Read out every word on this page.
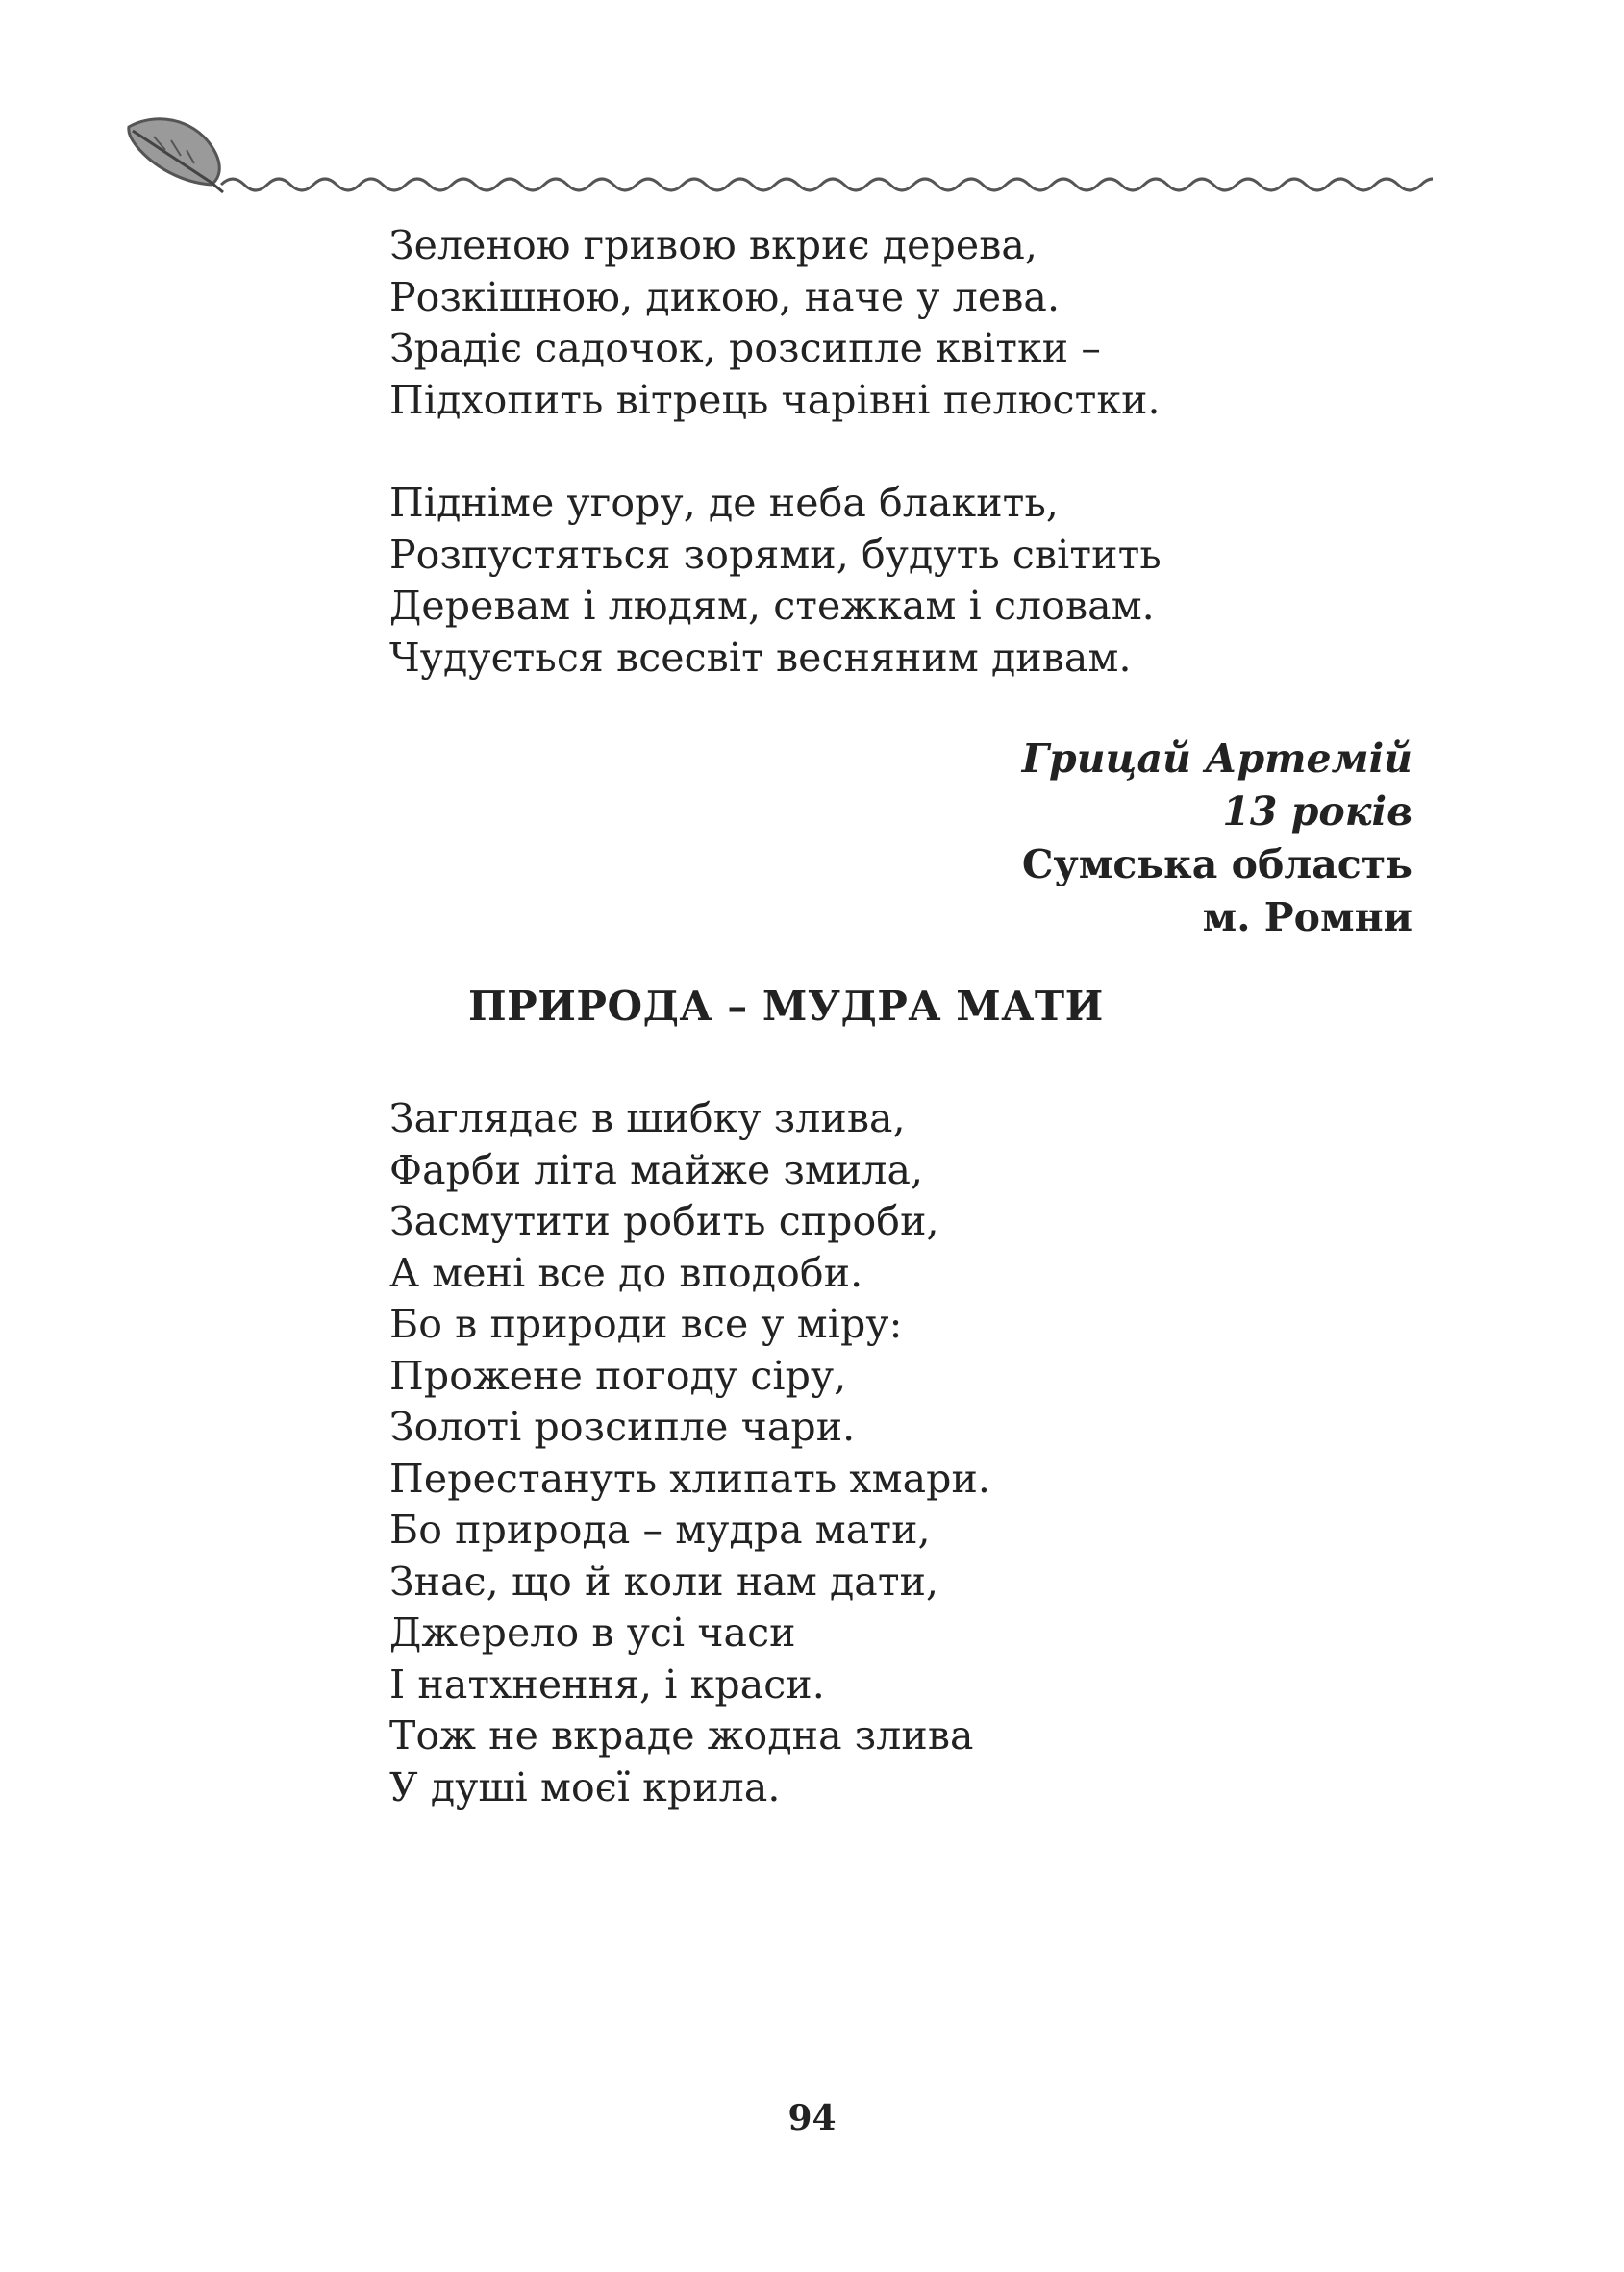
Зеленою гривою вкриє дерева,
Розкішною, дикою, наче у лева.
Зрадіє садочок, розсипле квітки –
Підхопить вітрець чарівні пелюстки.
Підніме угору, де неба блакить,
Розпустяться зорями, будуть світить
Деревам і людям, стежкам і словам.
Чудується всесвіт весняним дивам.
Грицай Артемій
13 років
Сумська область
м. Ромни
ПРИРОДА – МУДРА МАТИ
Заглядає в шибку злива,
Фарби літа майже змила,
Засмутити робить спроби,
А мені все до вподоби.
Бо в природи все у міру:
Прожене погоду сіру,
Золоті розсипле чари.
Перестануть хлипать хмари.
Бо природа – мудра мати,
Знає, що й коли нам дати,
Джерело в усі часи
І натхнення, і краси.
Тож не вкраде жодна злива
У душі моєї крила.
94
